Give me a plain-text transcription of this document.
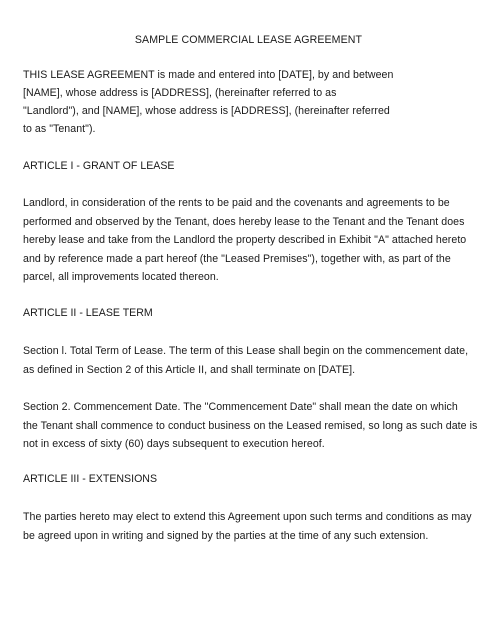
SAMPLE COMMERCIAL LEASE AGREEMENT
THIS LEASE AGREEMENT is made and entered into [DATE], by and between
[NAME], whose address is [ADDRESS], (hereinafter referred to as
"Landlord"), and [NAME], whose address is [ADDRESS], (hereinafter referred
to as "Tenant").
ARTICLE I - GRANT OF LEASE
Landlord, in consideration of the rents to be paid and the covenants and agreements to be
performed and observed by the Tenant, does hereby lease to the Tenant and the Tenant does
hereby lease and take from the Landlord the property described in Exhibit "A" attached hereto
and by reference made a part hereof (the "Leased Premises"), together with, as part of the
parcel, all improvements located thereon.
ARTICLE II - LEASE TERM
Section l. Total Term of Lease. The term of this Lease shall begin on the commencement date,
as defined in Section 2 of this Article II, and shall terminate on [DATE].
Section 2. Commencement Date. The "Commencement Date" shall mean the date on which
the Tenant shall commence to conduct business on the Leased remised, so long as such date is
not in excess of sixty (60) days subsequent to execution hereof.
ARTICLE III - EXTENSIONS
The parties hereto may elect to extend this Agreement upon such terms and conditions as may
be agreed upon in writing and signed by the parties at the time of any such extension.
